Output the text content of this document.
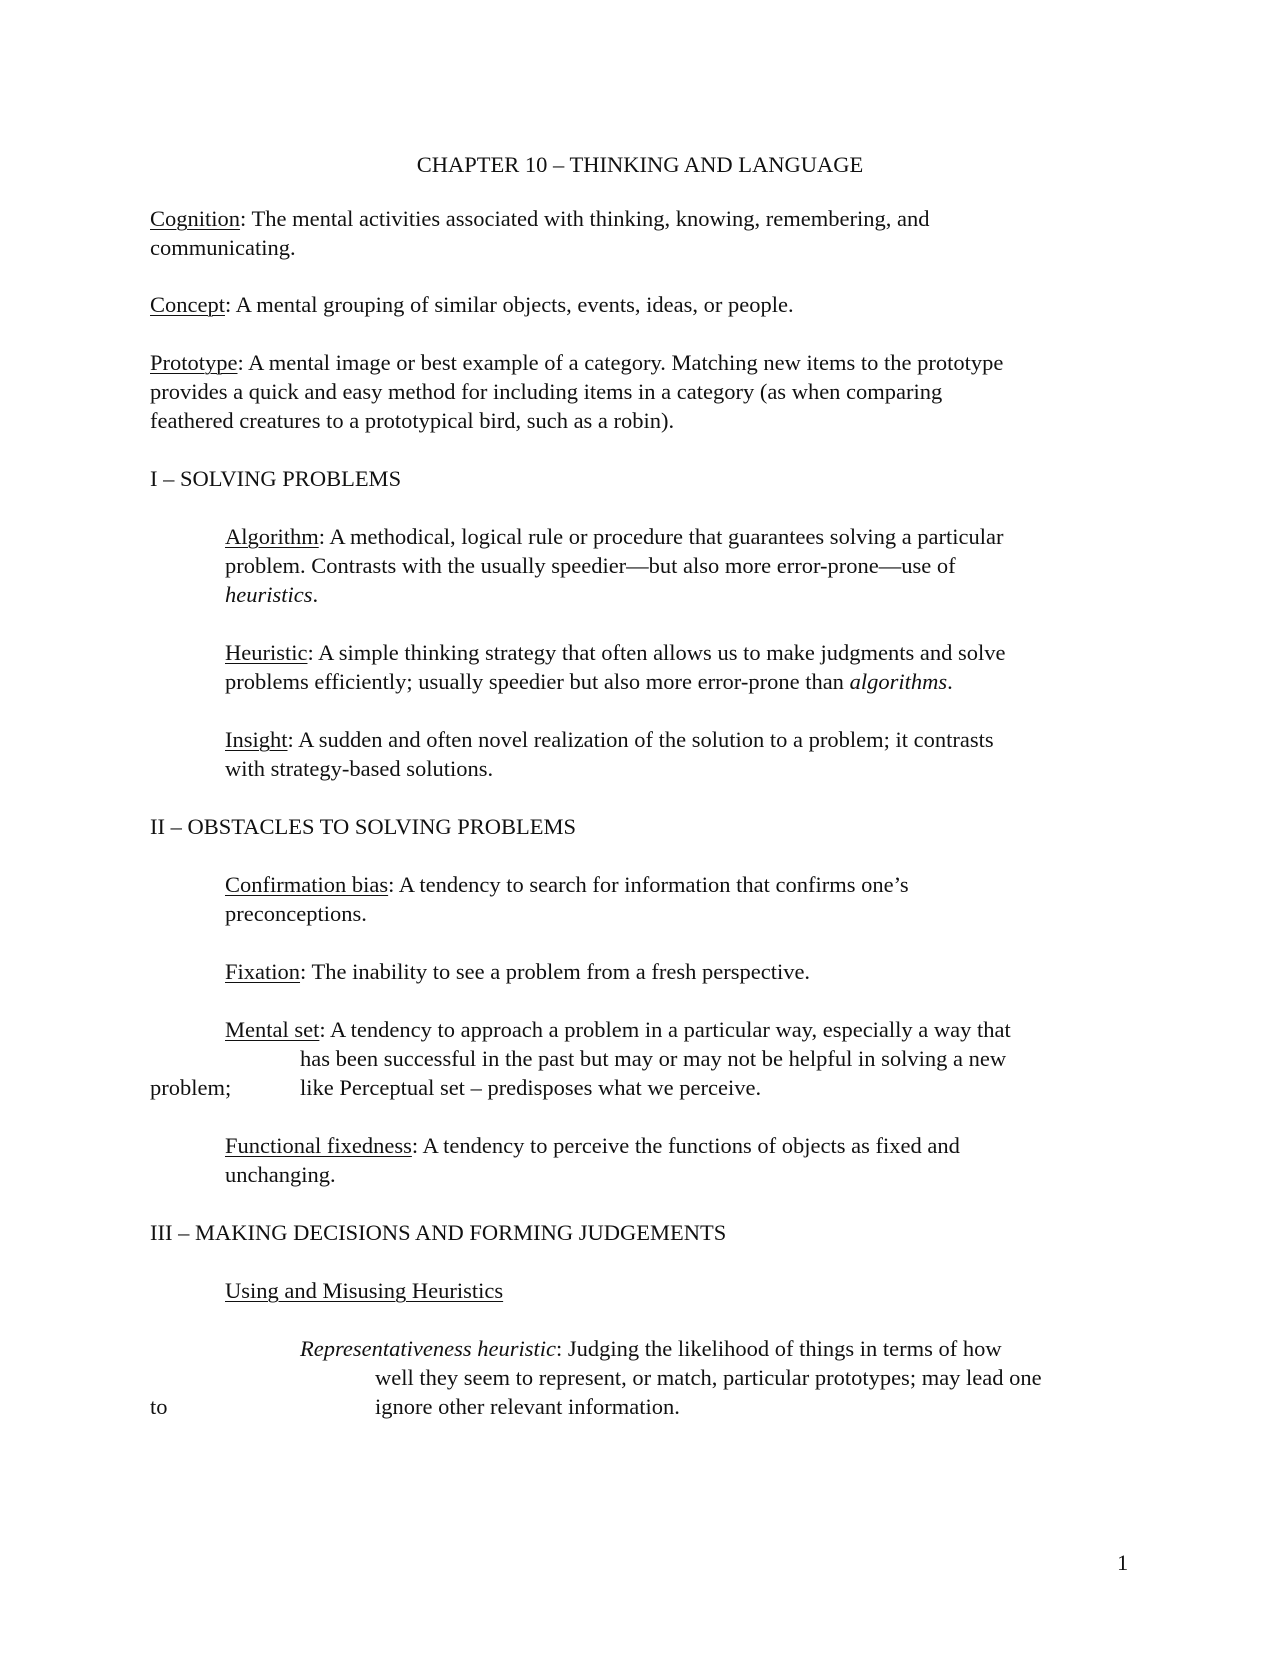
CHAPTER 10 – THINKING AND LANGUAGE
Cognition: The mental activities associated with thinking, knowing, remembering, and
communicating.
Concept: A mental grouping of similar objects, events, ideas, or people.
Prototype: A mental image or best example of a category. Matching new items to the prototype
provides a quick and easy method for including items in a category (as when comparing
feathered creatures to a prototypical bird, such as a robin).
I – SOLVING PROBLEMS
Algorithm: A methodical, logical rule or procedure that guarantees solving a particular
problem. Contrasts with the usually speedier—but also more error-prone—use of
heuristics.
Heuristic: A simple thinking strategy that often allows us to make judgments and solve
problems efficiently; usually speedier but also more error-prone than algorithms.
Insight: A sudden and often novel realization of the solution to a problem; it contrasts
with strategy-based solutions.
II – OBSTACLES TO SOLVING PROBLEMS
Confirmation bias: A tendency to search for information that confirms one’s
preconceptions.
Fixation: The inability to see a problem from a fresh perspective.
Mental set: A tendency to approach a problem in a particular way, especially a way that
has been successful in the past but may or may not be helpful in solving a new
problem;	like Perceptual set – predisposes what we perceive.
Functional fixedness: A tendency to perceive the functions of objects as fixed and
unchanging.
III – MAKING DECISIONS AND FORMING JUDGEMENTS
Using and Misusing Heuristics
Representativeness heuristic: Judging the likelihood of things in terms of how
well they seem to represent, or match, particular prototypes; may lead one
to	ignore other relevant information.
1
